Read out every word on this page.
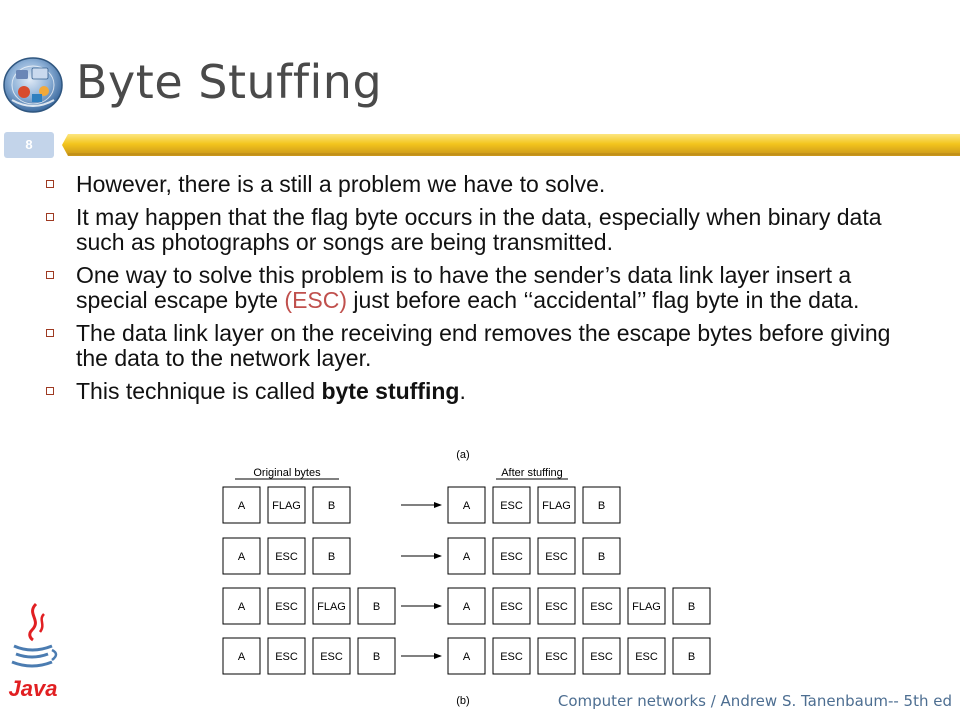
Byte Stuffing
8
However, there is a still a problem we have to solve.
It may happen that the flag byte occurs in the data, especially when binary data such as photographs or songs are being transmitted.
One way to solve this problem is to have the sender’s data link layer insert a special escape byte (ESC) just before each ‘‘accidental’’ flag byte in the data.
The data link layer on the receiving end removes the escape bytes before giving the data to the network layer.
This technique is called byte stuffing.
(a)
Original bytes	After stuffing
A FLAG B	A	ESC FLAG B
A	ESC	B	A	ESC ESC	B
A	ESC FLAG B	A	ESC ESC ESC FLAG B
A	ESC ESC	B	A	ESC ESC ESC ESC	B
(b)
Java	Computer networks / Andrew S. Tanenbaum-- 5th ed
